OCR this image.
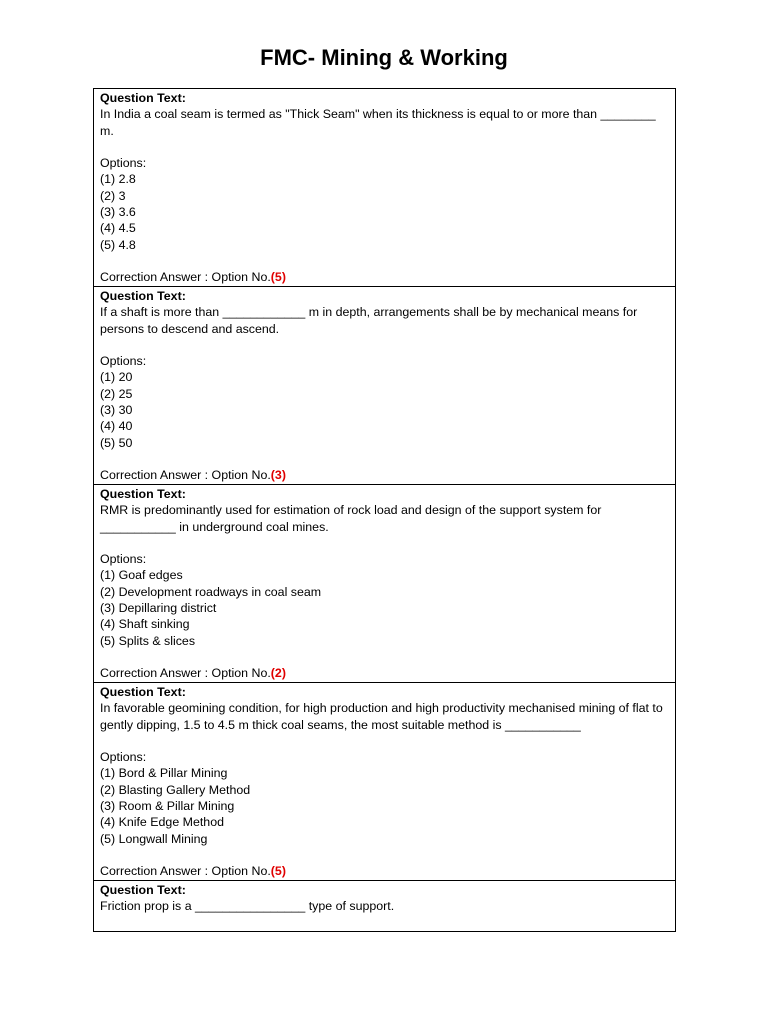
FMC- Mining & Working
Question Text:
In India a coal seam is termed as "Thick Seam" when its thickness is equal to or more than ________ m.
Options:
(1) 2.8
(2) 3
(3) 3.6
(4) 4.5
(5) 4.8
Correction Answer : Option No.(5)

Question Text:
If a shaft is more than ____________ m in depth, arrangements shall be by mechanical means for persons to descend and ascend.
Options:
(1) 20
(2) 25
(3) 30
(4) 40
(5) 50
Correction Answer : Option No.(3)

Question Text:
RMR is predominantly used for estimation of rock load and design of the support system for ___________ in underground coal mines.
Options:
(1) Goaf edges
(2) Development roadways in coal seam
(3) Depillaring district
(4) Shaft sinking
(5) Splits & slices
Correction Answer : Option No.(2)

Question Text:
In favorable geomining condition, for high production and high productivity mechanised mining of flat to gently dipping, 1.5 to 4.5 m thick coal seams, the most suitable method is ___________
Options:
(1) Bord & Pillar Mining
(2) Blasting Gallery Method
(3) Room & Pillar Mining
(4) Knife Edge Method
(5) Longwall Mining
Correction Answer : Option No.(5)

Question Text:
Friction prop is a ________________ type of support.
